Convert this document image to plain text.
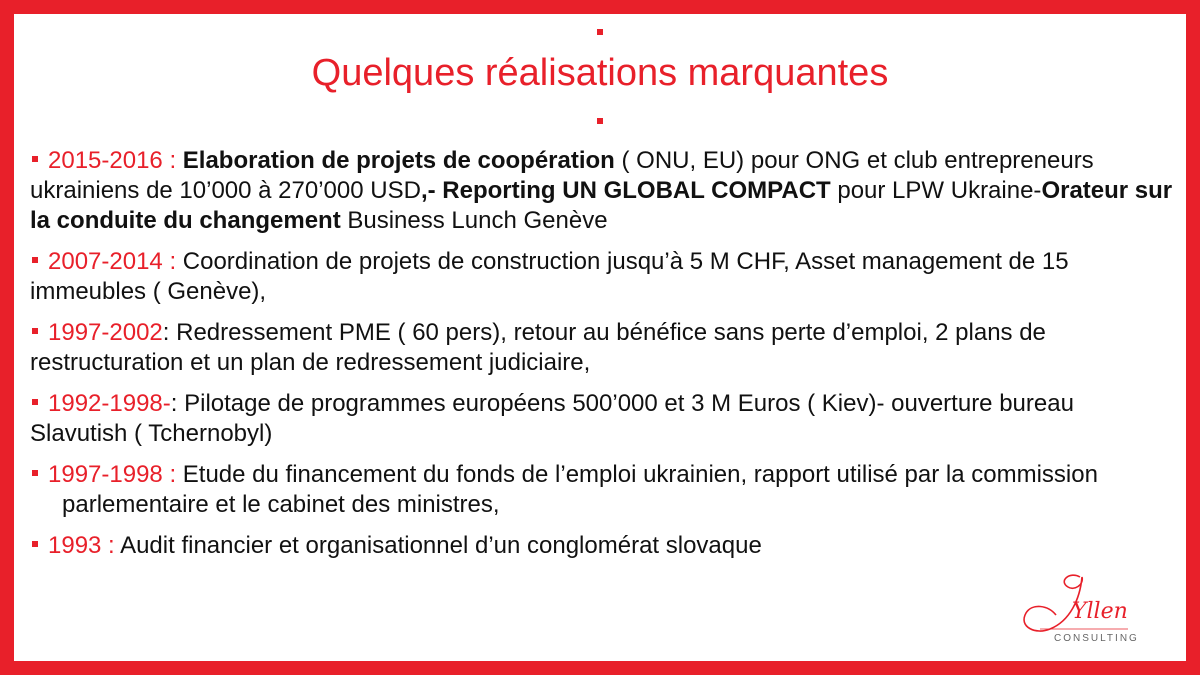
Quelques réalisations marquantes
2015-2016 : Elaboration de projets de coopération ( ONU, EU) pour ONG et club entrepreneurs ukrainiens de 10’000 à 270’000 USD,- Reporting UN GLOBAL COMPACT pour LPW Ukraine-Orateur sur la conduite du changement Business Lunch Genève
2007-2014 : Coordination de projets de construction jusqu’à 5 M CHF, Asset management de 15 immeubles ( Genève),
1997-2002: Redressement PME ( 60 pers), retour au bénéfice sans perte d’emploi, 2 plans de restructuration et un plan de redressement judiciaire,
1992-1998-: Pilotage de programmes européens 500’000 et 3 M Euros ( Kiev)- ouverture bureau Slavutish ( Tchernobyl)
1997-1998 : Etude du financement du fonds de l’emploi ukrainien, rapport utilisé par la commission parlementaire et le cabinet des ministres,
1993 : Audit financier et organisationnel d’un conglomérat slovaque
Yllen
CONSULTING
